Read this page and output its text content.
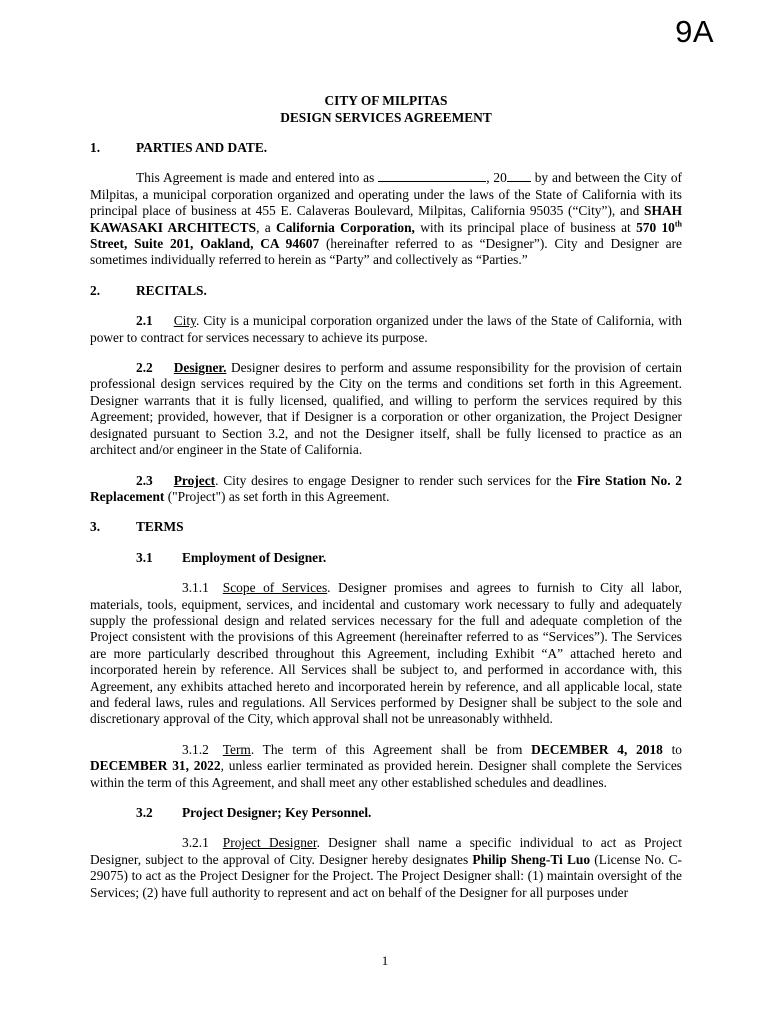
9A
CITY OF MILPITAS
DESIGN SERVICES AGREEMENT
1.	PARTIES AND DATE.

This Agreement is made and entered into as	, 20 by and between the City of Milpitas, a municipal corporation organized and operating under the laws of the State of California with its principal place of business at 455 E. Calaveras Boulevard, Milpitas, California 95035 (“City”), and SHAH KAWASAKI ARCHITECTS, a California Corporation, with its principal place of business at 570 10th Street, Suite 201, Oakland, CA 94607 (hereinafter referred to as “Designer”). City and Designer are sometimes individually referred to herein as “Party” and collectively as “Parties.”

2.	RECITALS.

2.1 City. City is a municipal corporation organized under the laws of the State of California, with power to contract for services necessary to achieve its purpose.

2.2 Designer. Designer desires to perform and assume responsibility for the provision of certain professional design services required by the City on the terms and conditions set forth in this Agreement. Designer warrants that it is fully licensed, qualified, and willing to perform the services required by this Agreement; provided, however, that if Designer is a corporation or other organization, the Project Designer designated pursuant to Section 3.2, and not the Designer itself, shall be fully licensed to practice as an architect and/or engineer in the State of California.

2.3 Project. City desires to engage Designer to render such services for the Fire Station No. 2 Replacement ("Project") as set forth in this Agreement.

3.	TERMS
3.1	Employment of Designer.

3.1.1 Scope of Services. Designer promises and agrees to furnish to City all labor, materials, tools, equipment, services, and incidental and customary work necessary to fully and adequately supply the professional design and related services necessary for the full and adequate completion of the Project consistent with the provisions of this Agreement (hereinafter referred to as “Services”). The Services are more particularly described throughout this Agreement, including Exhibit “A” attached hereto and incorporated herein by reference. All Services shall be subject to, and performed in accordance with, this Agreement, any exhibits attached hereto and incorporated herein by reference, and all applicable local, state and federal laws, rules and regulations. All Services performed by Designer shall be subject to the sole and discretionary approval of the City, which approval shall not be unreasonably withheld.

3.1.2 Term. The term of this Agreement shall be from DECEMBER 4, 2018 to DECEMBER 31, 2022, unless earlier terminated as provided herein. Designer shall complete the Services within the term of this Agreement, and shall meet any other established schedules and deadlines.

3.2	Project Designer; Key Personnel.

3.2.1 Project Designer. Designer shall name a specific individual to act as Project Designer, subject to the approval of City. Designer hereby designates Philip Sheng-Ti Luo (License No. C-29075) to act as the Project Designer for the Project. The Project Designer shall: (1) maintain oversight of the Services; (2) have full authority to represent and act on behalf of the Designer for all purposes under

1
